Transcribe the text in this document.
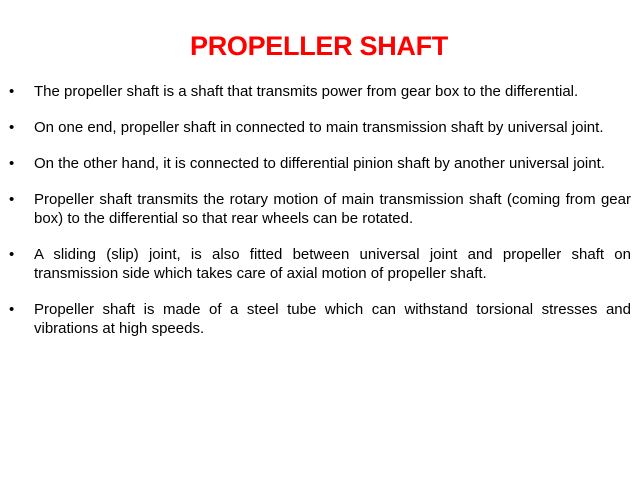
PROPELLER SHAFT
•	The propeller shaft is a shaft that transmits power from gear box to the differential.
•	On one end, propeller shaft in connected to main transmission shaft by universal joint.
•	On the other hand, it is connected to differential pinion shaft by another universal joint.
•	Propeller shaft transmits the rotary motion of main transmission shaft (coming from gear box) to the differential so that rear wheels can be rotated.
•	A sliding (slip) joint, is also fitted between universal joint and propeller shaft on transmission side which takes care of axial motion of propeller shaft.
•	Propeller shaft is made of a steel tube which can withstand torsional stresses and vibrations at high speeds.
